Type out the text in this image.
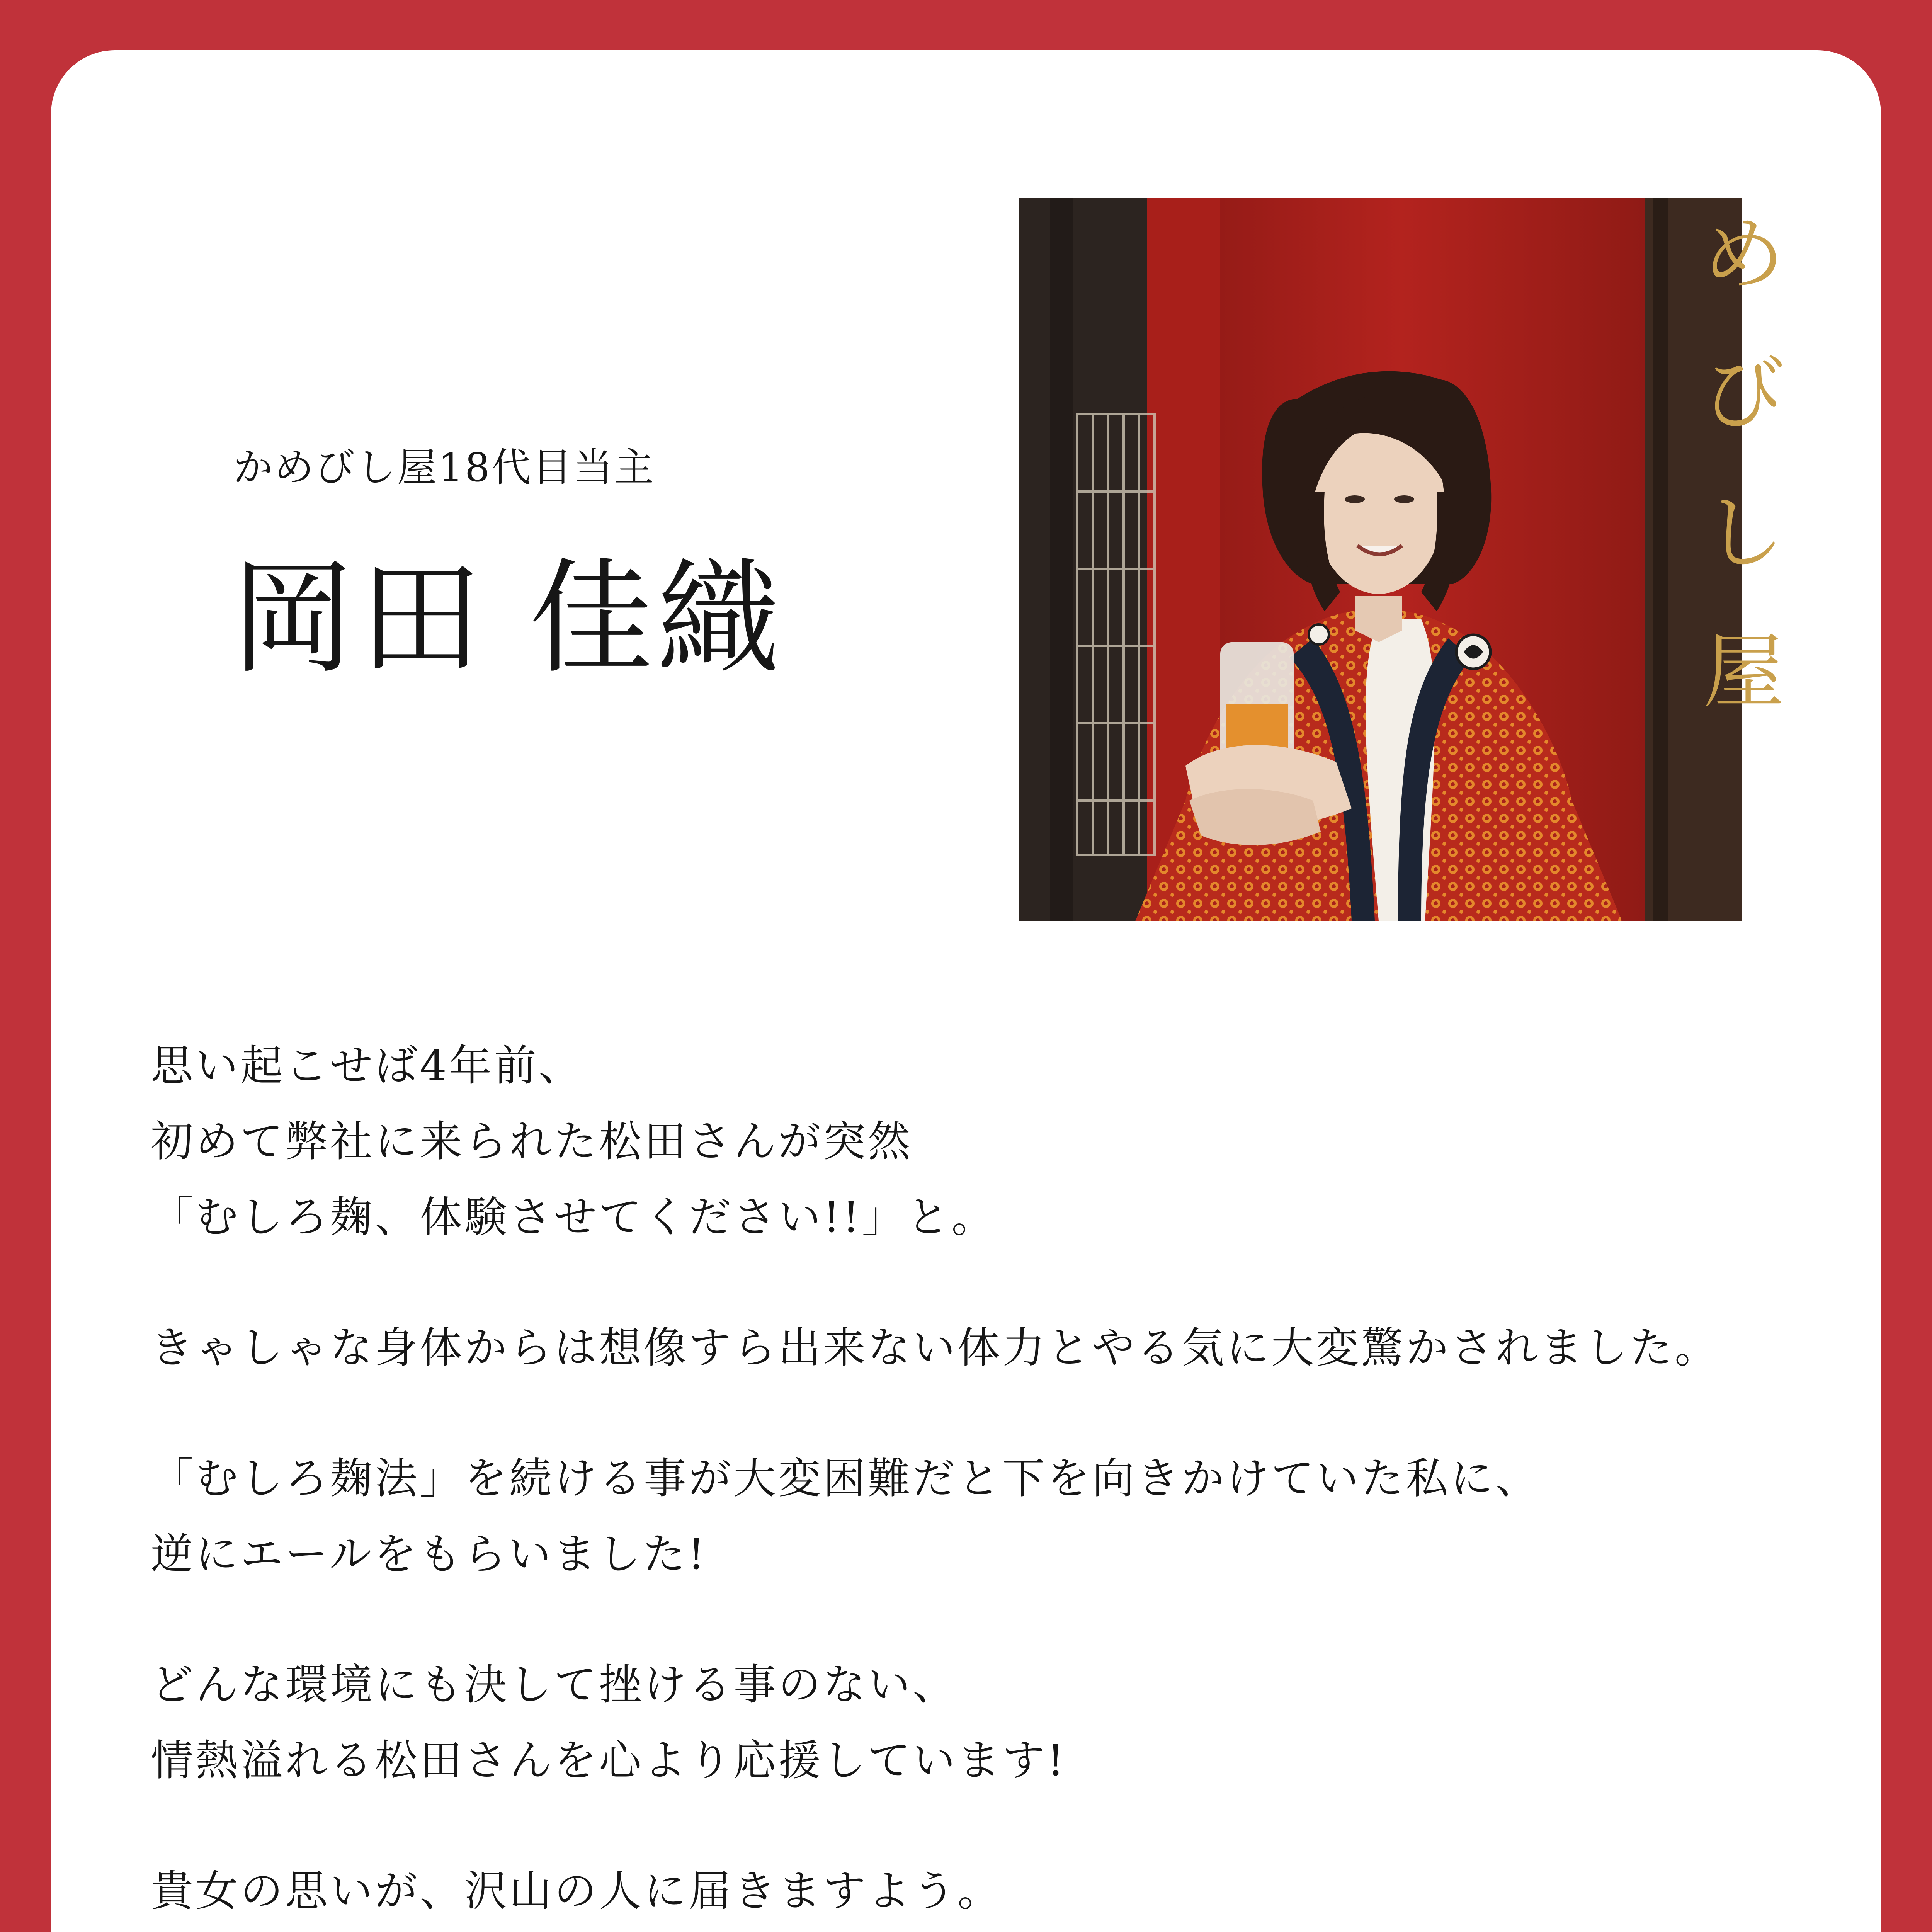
かめびし屋18代目当主
岡田 佳織
め
び
し
屋
思い起こせば4年前、
初めて弊社に来られた松田さんが突然
「むしろ麹、体験させてください!!」と。
きゃしゃな身体からは想像すら出来ない体力とやる気に大変驚かされました。
「むしろ麹法」を続ける事が大変困難だと下を向きかけていた私に、
逆にエールをもらいました!
どんな環境にも決して挫ける事のない、
情熱溢れる松田さんを心より応援しています!
貴女の思いが、沢山の人に届きますよう。
